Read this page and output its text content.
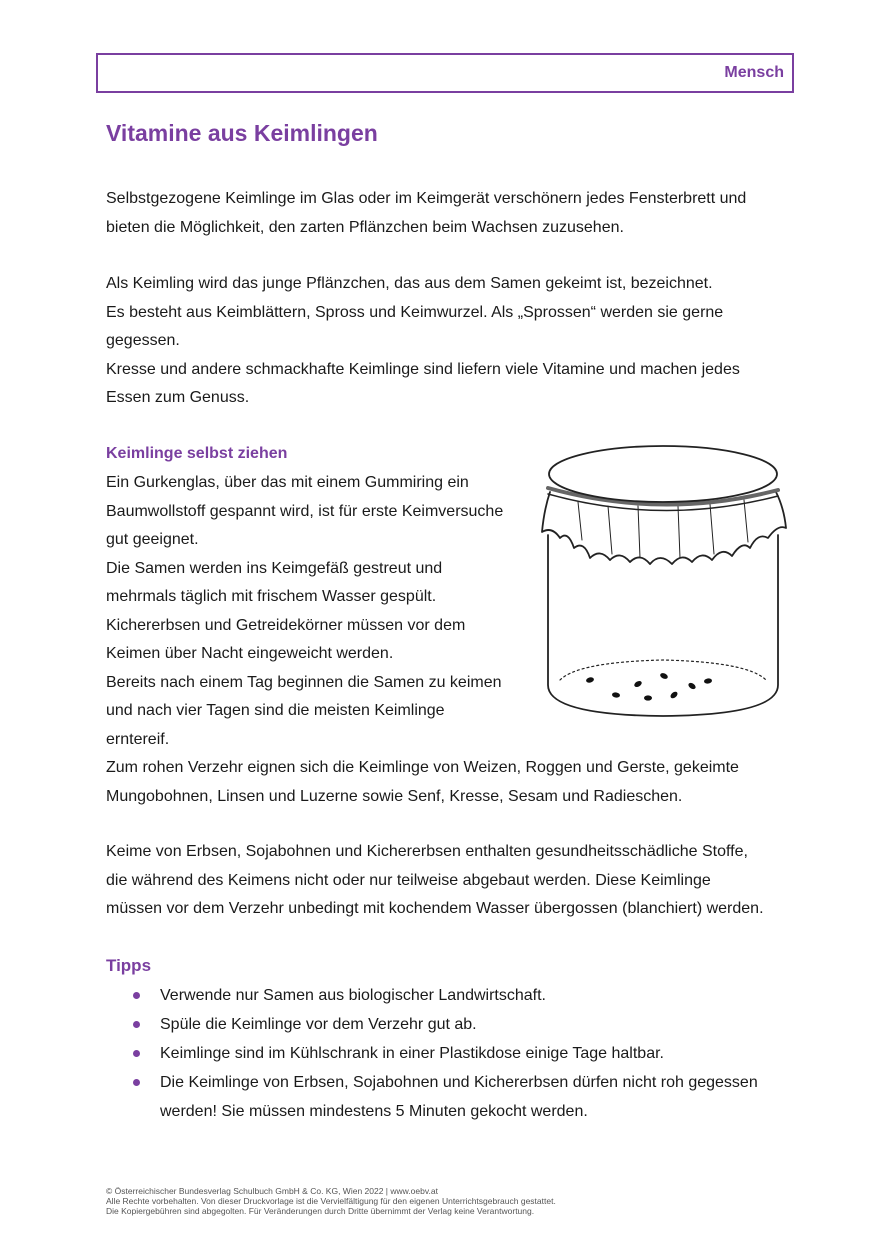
Mensch
Vitamine aus Keimlingen

Selbstgezogene Keimlinge im Glas oder im Keimgerät verschönern jedes Fensterbrett und
bieten die Möglichkeit, den zarten Pflänzchen beim Wachsen zuzusehen.

Als Keimling wird das junge Pflänzchen, das aus dem Samen gekeimt ist, bezeichnet.
Es besteht aus Keimblättern, Spross und Keimwurzel. Als „Sprossen“ werden sie gerne
gegessen.
Kresse und andere schmackhafte Keimlinge sind liefern viele Vitamine und machen jedes
Essen zum Genuss.

Keimlinge selbst ziehen

Ein Gurkenglas, über das mit einem Gummiring ein
Baumwollstoff gespannt wird, ist für erste Keimversuche
gut geeignet.
Die Samen werden ins Keimgefäß gestreut und
mehrmals täglich mit frischem Wasser gespült.
Kichererbsen und Getreidekörner müssen vor dem
Keimen über Nacht eingeweicht werden.
Bereits nach einem Tag beginnen die Samen zu keimen
und nach vier Tagen sind die meisten Keimlinge
erntereif.
Zum rohen Verzehr eignen sich die Keimlinge von Weizen, Roggen und Gerste, gekeimte
Mungobohnen, Linsen und Luzerne sowie Senf, Kresse, Sesam und Radieschen.

Keime von Erbsen, Sojabohnen und Kichererbsen enthalten gesundheitsschädliche Stoffe,
die während des Keimens nicht oder nur teilweise abgebaut werden. Diese Keimlinge
müssen vor dem Verzehr unbedingt mit kochendem Wasser übergossen (blanchiert) werden.

Tipps
Verwende nur Samen aus biologischer Landwirtschaft.
Spüle die Keimlinge vor dem Verzehr gut ab.
Keimlinge sind im Kühlschrank in einer Plastikdose einige Tage haltbar.
Die Keimlinge von Erbsen, Sojabohnen und Kichererbsen dürfen nicht roh gegessen werden! Sie müssen mindestens 5 Minuten gekocht werden.
© Österreichischer Bundesverlag Schulbuch GmbH & Co. KG, Wien 2022 | www.oebv.at
Alle Rechte vorbehalten. Von dieser Druckvorlage ist die Vervielfältigung für den eigenen Unterrichtsgebrauch gestattet.
Die Kopiergebühren sind abgegolten. Für Veränderungen durch Dritte übernimmt der Verlag keine Verantwortung.
